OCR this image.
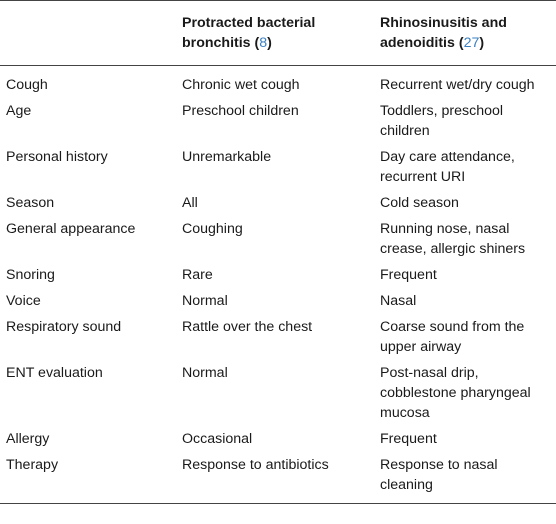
	Protracted bacterial bronchitis (8)	Rhinosinusitis and adenoiditis (27)
Cough	Chronic wet cough	Recurrent wet/dry cough
Age	Preschool children	Toddlers, preschool children
Personal history	Unremarkable	Day care attendance, recurrent URI
Season	All	Cold season
General appearance	Coughing	Running nose, nasal crease, allergic shiners
Snoring	Rare	Frequent
Voice	Normal	Nasal
Respiratory sound	Rattle over the chest	Coarse sound from the upper airway
ENT evaluation	Normal	Post-nasal drip, cobblestone pharyngeal mucosa
Allergy	Occasional	Frequent
Therapy	Response to antibiotics	Response to nasal cleaning
